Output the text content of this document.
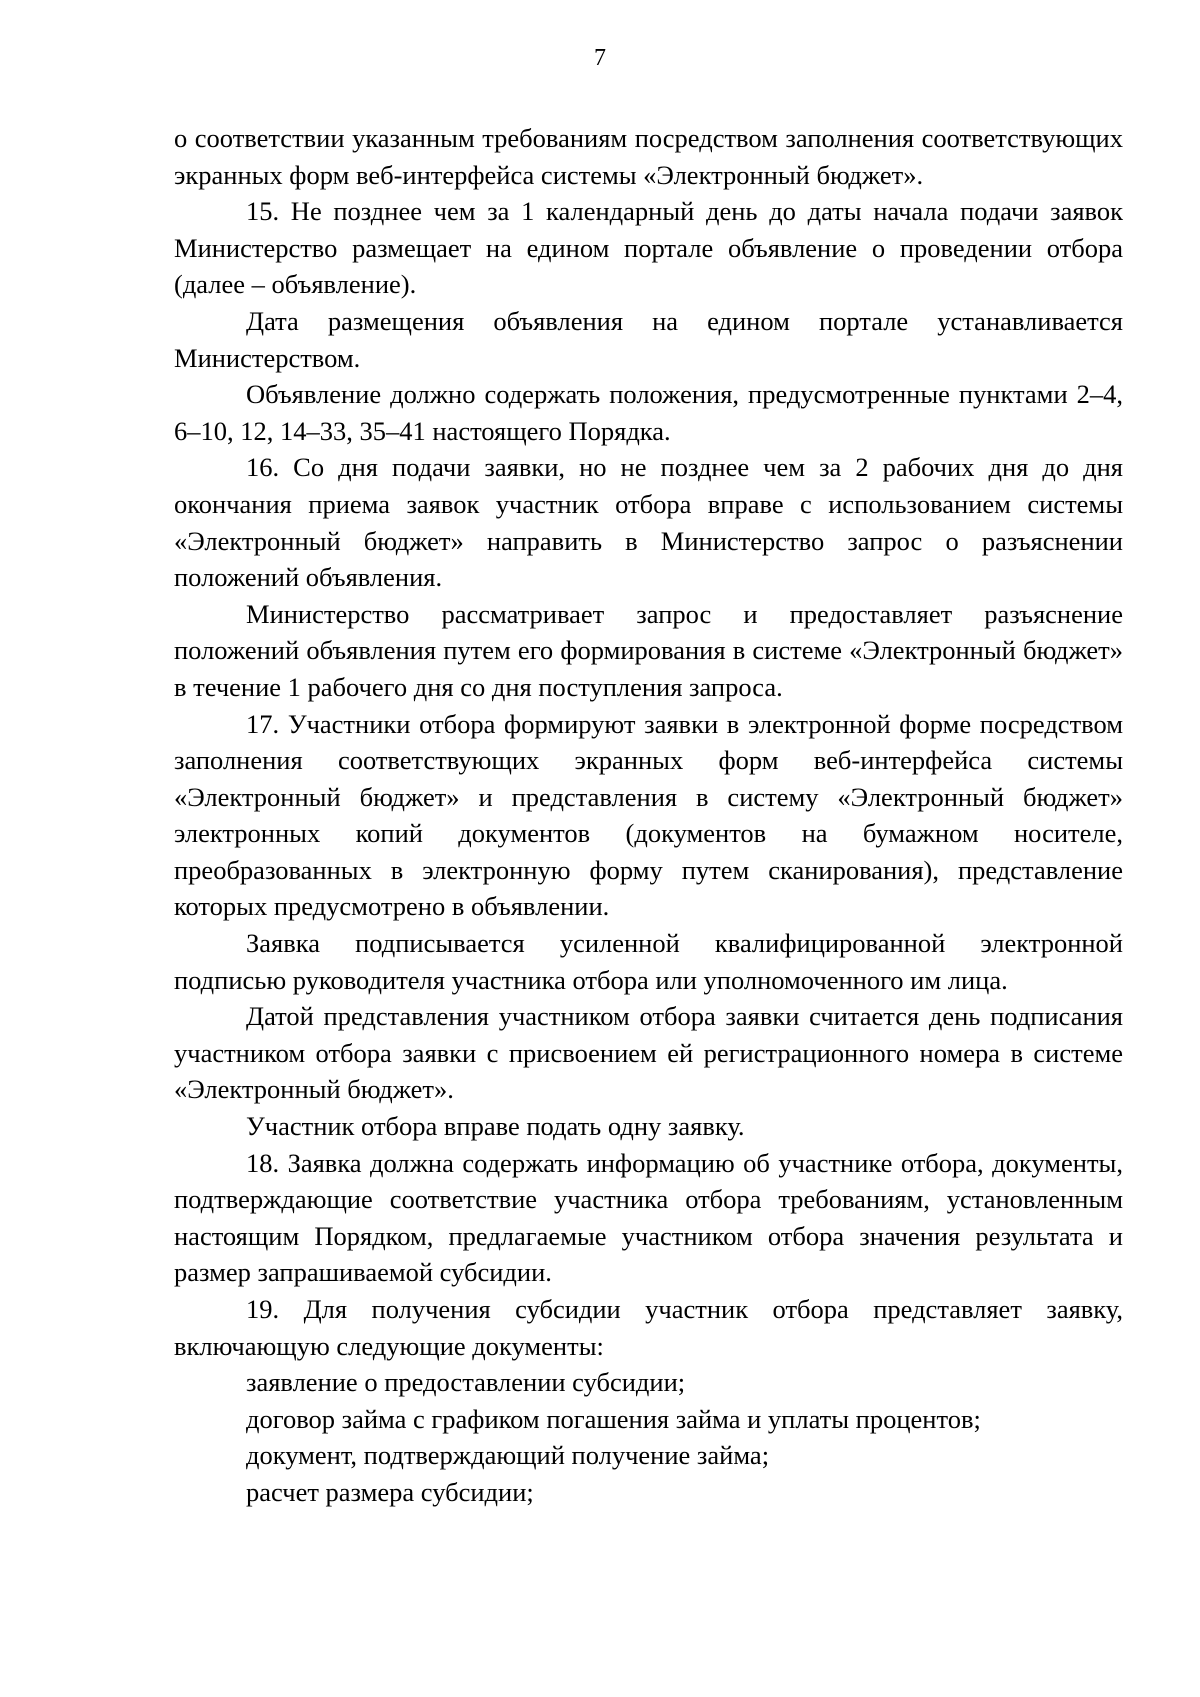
7

о соответствии указанным требованиям посредством заполнения соответствующих экранных форм веб-интерфейса системы «Электронный бюджет».

15. Не позднее чем за 1 календарный день до даты начала подачи заявок Министерство размещает на едином портале объявление о проведении отбора (далее – объявление).

Дата размещения объявления на едином портале устанавливается Министерством.

Объявление должно содержать положения, предусмотренные пунктами 2–4, 6–10, 12, 14–33, 35–41 настоящего Порядка.

16. Со дня подачи заявки, но не позднее чем за 2 рабочих дня до дня окончания приема заявок участник отбора вправе с использованием системы «Электронный бюджет» направить в Министерство запрос о разъяснении положений объявления.

Министерство рассматривает запрос и предоставляет разъяснение положений объявления путем его формирования в системе «Электронный бюджет» в течение 1 рабочего дня со дня поступления запроса.

17. Участники отбора формируют заявки в электронной форме посредством заполнения соответствующих экранных форм веб-интерфейса системы «Электронный бюджет» и представления в систему «Электронный бюджет» электронных копий документов (документов на бумажном носителе, преобразованных в электронную форму путем сканирования), представление которых предусмотрено в объявлении.

Заявка подписывается усиленной квалифицированной электронной подписью руководителя участника отбора или уполномоченного им лица.

Датой представления участником отбора заявки считается день подписания участником отбора заявки с присвоением ей регистрационного номера в системе «Электронный бюджет».

Участник отбора вправе подать одну заявку.

18. Заявка должна содержать информацию об участнике отбора, документы, подтверждающие соответствие участника отбора требованиям, установленным настоящим Порядком, предлагаемые участником отбора значения результата и размер запрашиваемой субсидии.

19. Для получения субсидии участник отбора представляет заявку, включающую следующие документы:

заявление о предоставлении субсидии;

договор займа с графиком погашения займа и уплаты процентов;

документ, подтверждающий получение займа;

расчет размера субсидии;
